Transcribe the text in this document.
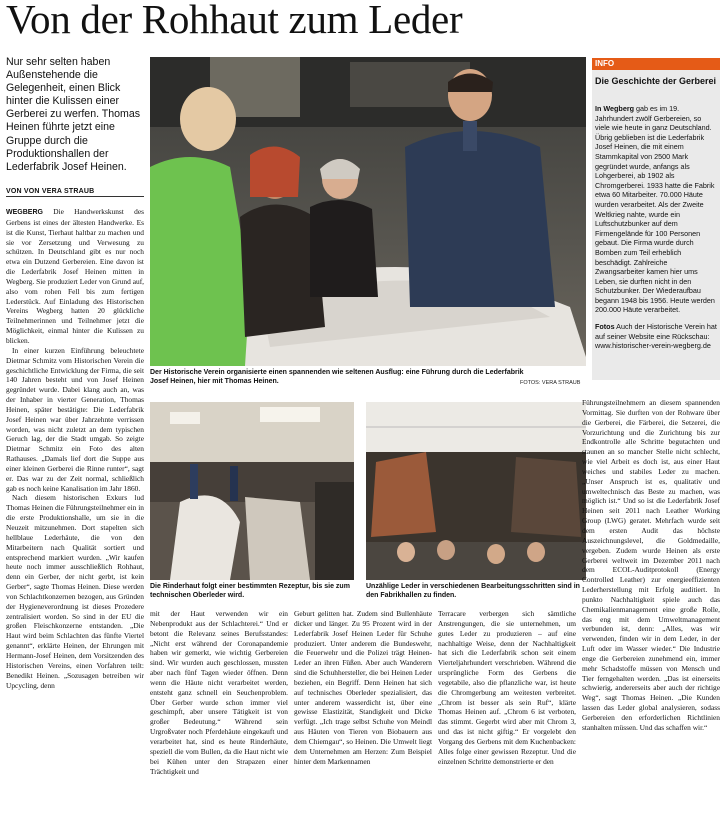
Von der Rohhaut zum Leder
Nur sehr selten haben Außenstehende die Gelegenheit, einen Blick hinter die Kulissen einer Gerberei zu werfen. Thomas Heinen führte jetzt eine Gruppe durch die Produktionshallen der Lederfabrik Josef Heinen.
VON VON VERA STRAUB

WEGBERG Die Handwerkskunst des Gerbens ist eines der ältesten Handwerke. Es ist die Kunst, Tierhaut haltbar zu machen und sie vor Zersetzung und Verwesung zu schützen. In Deutschland gibt es nur noch etwa ein Dutzend Gerbereien. Eine davon ist die Lederfabrik Josef Heinen mitten in Wegberg. Sie produziert Leder von Grund auf, also vom rohen Fell bis zum fertigen Lederstück. Auf Einladung des Historischen Vereins Wegberg hatten 20 glückliche Teilnehmerinnen und Teilnehmer jetzt die Möglichkeit, einmal hinter die Kulissen zu blicken.

In einer kurzen Einführung beleuchtete Dietmar Schmitz vom Historischen Verein die geschichtliche Entwicklung der Firma, die seit 140 Jahren besteht und von Josef Heinen gegründet wurde. Dabei klang auch an, was der Inhaber in vierter Generation, Thomas Heinen, später bestätigte: Die Lederfabrik Josef Heinen war über Jahrzehnte verrissen worden, was nicht zuletzt an dem typischen Geruch lag, der die Stadt umgab. So zeigte Dietmar Schmitz ein Foto des alten Rathauses. „Damals lief dort die Suppe aus einer kleinen Gerberei die Rinne runter“, sagt er. Das war zu der Zeit normal, schließlich gab es noch keine Kanalisation im Jahr 1860.

Nach diesem historischen Exkurs lud Thomas Heinen die Führungsteilnehmer ein in die erste Produktionshalle, um sie in die Neuzeit mitzunehmen. Dort stapelten sich hellblaue Lederhäute, die von den Mitarbeitern nach Qualität sortiert und entsprechend markiert wurden. „Wir kaufen heute noch immer ausschließlich Rohhaut, denn ein Gerber, der nicht gerbt, ist kein Gerber“, sagte Thomas Heinen. Diese werden von Schlachtkonzernen bezogen, aus Gründen der Hygieneverordnung ist dieses Prozedere zentralisiert worden. So sind in der EU die großen Fleischkonzerne entstanden. „Die Haut wird beim Schlachten das fünfte Viertel genannt“, erklärte Heinen, der Ehrungen mit Hermann-Josef Heinen, dem Vorsitzenden des Historischen Vereins, einen Vorfahren teilt: Benedikt Heinen. „Sozusagen betreiben wir Upcycling, denn

Der Historische Verein organisierte einen spannenden wie seltenen Ausflug: eine Führung durch die Lederfabrik Josef Heinen, hier mit Thomas Heinen.	FOTOS: VERA STRAUB
INFO
Die Geschichte der Gerberei

In Wegberg gab es im 19. Jahrhundert zwölf Gerbereien, so viele wie heute in ganz Deutschland. Übrig geblieben ist die Lederfabrik Josef Heinen, die mit einem Stammkapital von 2500 Mark gegründet wurde, anfangs als Lohgerberei, ab 1902 als Chromgerberei. 1933 hatte die Fabrik etwa 60 Mitarbeiter. 70.000 Häute wurden verarbeitet. Als der Zweite Weltkrieg nahte, wurde ein Luftschutzbunker auf dem Firmengelände für 100 Personen gebaut. Die Firma wurde durch Bomben zum Teil erheblich beschädigt. Zahlreiche Zwangsarbeiter kamen hier ums Leben, sie durften nicht in den Schutzbunker. Der Wiederaufbau begann 1948 bis 1956. Heute werden 200.000 Häute verarbeitet.

Fotos Auch der Historische Verein hat auf seiner Website eine Rückschau: www.historischer-verein-wegberg.de

Die Rinderhaut folgt einer bestimmten Rezeptur, bis sie zum technischen Oberleder wird.
Unzählige Leder in verschiedenen Bearbeitungsschritten sind in den Fabrikhallen zu finden.

mit der Haut verwenden wir ein Nebenprodukt aus der Schlachterei.“ Und er betont die Relevanz seines Berufsstandes: „Nicht erst während der Coronapandemie haben wir gemerkt, wie wichtig Gerbereien sind. Wir wurden auch geschlossen, mussten aber nach fünf Tagen wieder öffnen. Denn wenn die Häute nicht verarbeitet werden, entsteht ganz schnell ein Seuchenproblem. Über Gerber wurde schon immer viel geschimpft, aber unsere Tätigkeit ist von großer Bedeutung.“ Während sein Urgroßvater noch Pferdehäute eingekauft und verarbeitet hat, sind es heute Rinderhäute, speziell die vom Bullen, da die Haut nicht wie bei Kühen unter den Strapazen einer Trächtigkeit und

Geburt gelitten hat. Zudem sind Bullenhäute dicker und länger. Zu 95 Prozent wird in der Lederfabrik Josef Heinen Leder für Schuhe produziert. Unter anderem die Bundeswehr, die Feuerwehr und die Polizei trägt Heinen-Leder an ihren Füßen. Aber auch Wanderern sind die Schuhhersteller, die bei Heinen Leder beziehen, ein Begriff. Denn Heinen hat sich auf technisches Oberleder spezialisiert, das unter anderem wasserdicht ist, über eine gewisse Elastizität, Standigkeit und Dicke verfügt. „Ich trage selbst Schuhe von Meindl aus Häuten von Tieren von Biobauern aus dem Chiemgau“, so Heinen. Die Umwelt liegt dem Unternehmen am Herzen: Zum Beispiel hinter dem Markennamen

Terracare verbergen sich sämtliche Anstrengungen, die sie unternehmen, um gutes Leder zu produzieren – auf eine nachhaltige Weise, denn der Nachhaltigkeit hat sich die Lederfabrik schon seit einem Vierteljahrhundert verschrieben. Während die ursprüngliche Form des Gerbens die vegetabile, also die pflanzliche war, ist heute die Chromgerbung am weitesten verbreitet. „Chrom ist besser als sein Ruf“, klärte Thomas Heinen auf. „Chrom 6 ist verboten, das stimmt. Gegerbt wird aber mit Chrom 3, und das ist nicht giftig.“ Er vorgelebt den Vorgang des Gerbens mit dem Kuchenbacken: Alles folge einer gewissen Rezeptur. Und die einzelnen Schritte demonstrierte er den

Führungsteilnehmern an diesem spannenden Vormittag. Sie durften von der Rohware über die Gerberei, die Färberei, die Setzerei, die Vorzurichtung und die Zurichtung bis zur Endkontrolle alle Schritte begutachten und staunen an so mancher Stelle nicht schlecht, wie viel Arbeit es doch ist, aus einer Haut weiches und stabiles Leder zu machen. „Unser Anspruch ist es, qualitativ und umweltechnisch das Beste zu machen, was möglich ist.“ Und so ist die Lederfabrik Josef Heinen seit 2011 nach Leather Working Group (LWG) geratet. Mehrfach wurde seit dem ersten Audit das höchste Auszeichnungslevel, die Goldmedaille, vergeben. Zudem wurde Heinen als erste Gerberei weltweit im Dezember 2011 nach dem ECOL-Auditprotokoll (Energy Controlled Leather) zur energieeffizienten Lederherstellung mit Erfolg auditiert. In punkto Nachhaltigkeit spiele auch das Chemikalienmanagement eine große Rolle, das eng mit dem Umweltmanagement verbunden ist, denn: „Alles, was wir verwenden, finden wir in dem Leder, in der Luft oder im Wasser wieder.“ Die Industrie enge die Gerbereien zunehmend ein, immer mehr Schadstoffe müssen von Mensch und Tier ferngehalten werden. „Das ist einerseits schwierig, andererseits aber auch der richtige Weg“, sagt Thomas Heinen. „Die Kunden lassen das Leder global analysieren, sodass Gerbereien den erforderlichen Richtlinien stanhalten müssen. Und das schaffen wir.“
